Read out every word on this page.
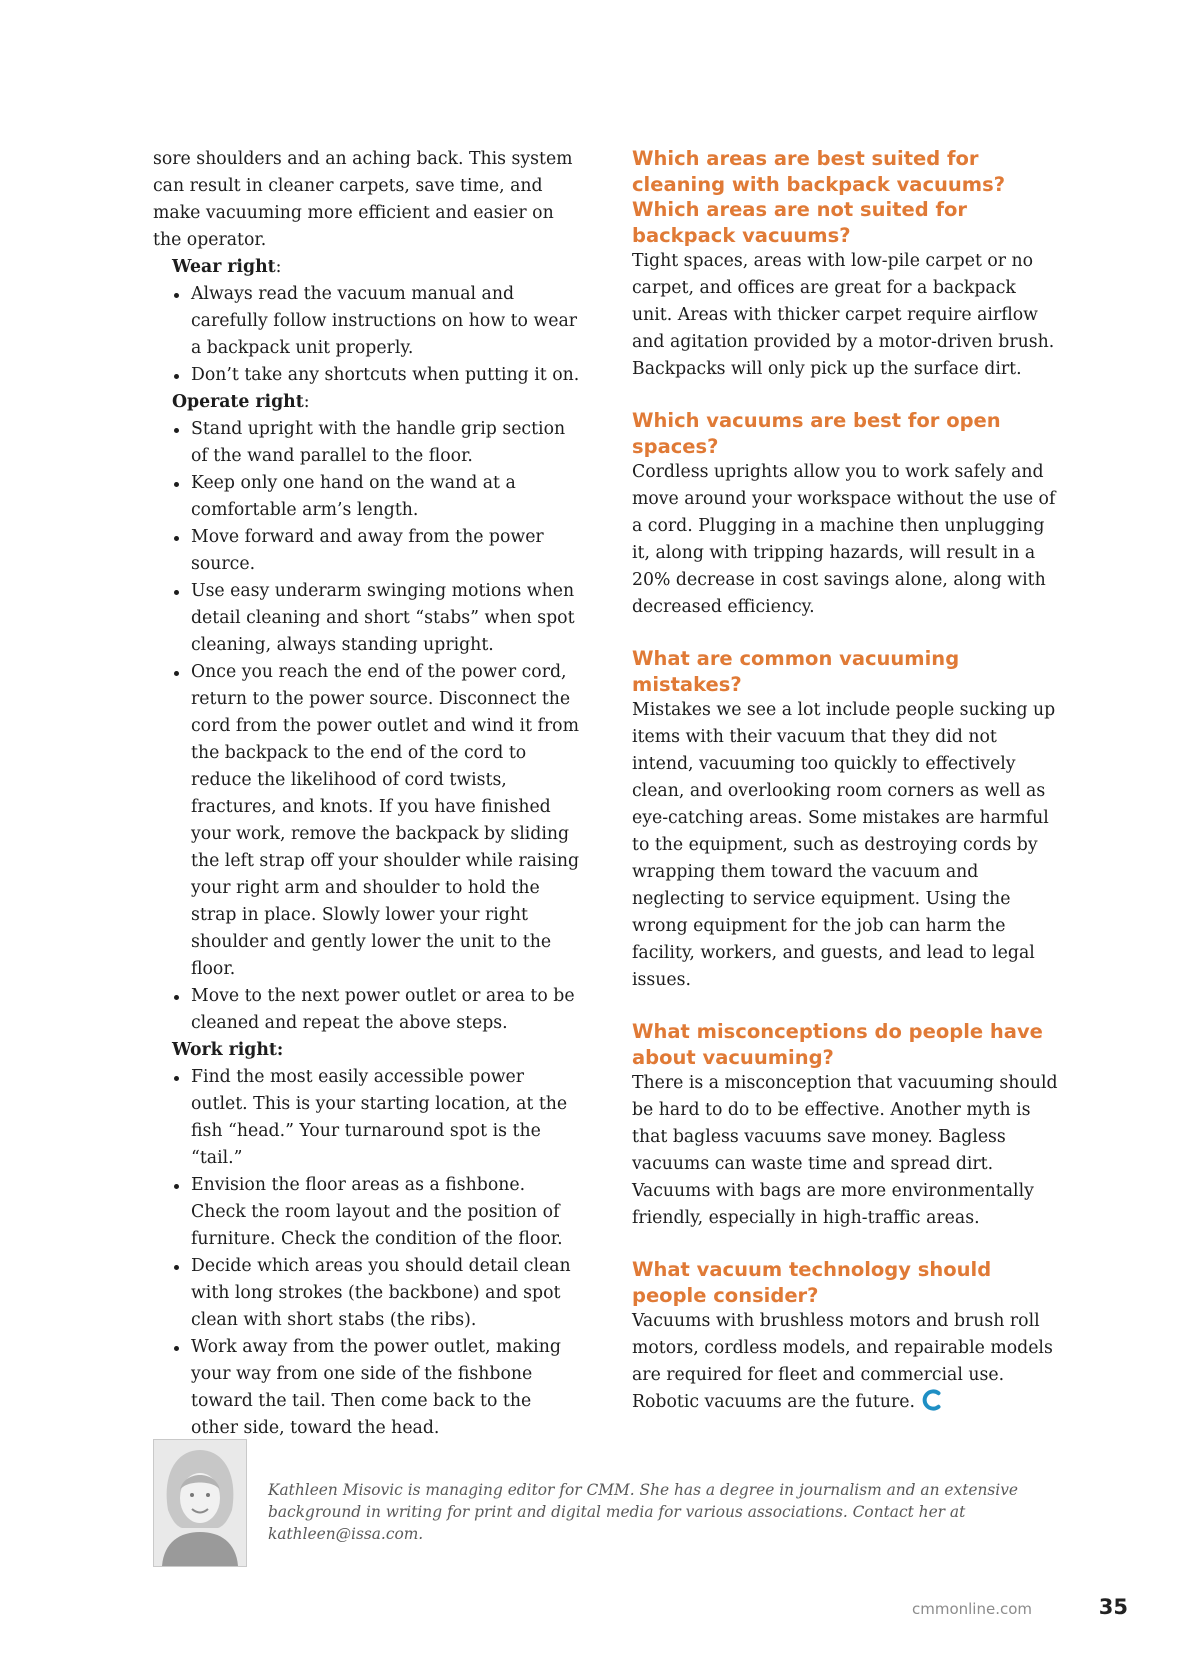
sore shoulders and an aching back. This system can result in cleaner carpets, save time, and make vacuuming more efficient and easier on the operator.

Wear right:
Always read the vacuum manual and carefully follow instructions on how to wear a backpack unit properly.
Don’t take any shortcuts when putting it on.
Operate right:
Stand upright with the handle grip section of the wand parallel to the floor.
Keep only one hand on the wand at a comfortable arm’s length.
Move forward and away from the power source.
Use easy underarm swinging motions when detail cleaning and short “stabs” when spot cleaning, always standing upright.
Once you reach the end of the power cord, return to the power source. Disconnect the cord from the power outlet and wind it from the backpack to the end of the cord to reduce the likelihood of cord twists, fractures, and knots. If you have finished your work, remove the backpack by sliding the left strap off your shoulder while raising your right arm and shoulder to hold the strap in place. Slowly lower your right shoulder and gently lower the unit to the floor.
Move to the next power outlet or area to be cleaned and repeat the above steps.
Work right:
Find the most easily accessible power outlet. This is your starting location, at the fish “head.” Your turnaround spot is the “tail.”
Envision the floor areas as a fishbone. Check the room layout and the position of furniture. Check the condition of the floor.
Decide which areas you should detail clean with long strokes (the backbone) and spot clean with short stabs (the ribs).
Work away from the power outlet, making your way from one side of the fishbone toward the tail. Then come back to the other side, toward the head.
Which areas are best suited for cleaning with backpack vacuums? Which areas are not suited for backpack vacuums?

Tight spaces, areas with low-pile carpet or no carpet, and offices are great for a backpack unit. Areas with thicker carpet require airflow and agitation provided by a motor-driven brush. Backpacks will only pick up the surface dirt.

Which vacuums are best for open spaces?

Cordless uprights allow you to work safely and move around your workspace without the use of a cord. Plugging in a machine then unplugging it, along with tripping hazards, will result in a 20% decrease in cost savings alone, along with decreased efficiency.

What are common vacuuming mistakes?

Mistakes we see a lot include people sucking up items with their vacuum that they did not intend, vacuuming too quickly to effectively clean, and overlooking room corners as well as eye-catching areas. Some mistakes are harmful to the equipment, such as destroying cords by wrapping them toward the vacuum and neglecting to service equipment. Using the wrong equipment for the job can harm the facility, workers, and guests, and lead to legal issues.

What misconceptions do people have about vacuuming?

There is a misconception that vacuuming should be hard to do to be effective. Another myth is that bagless vacuums save money. Bagless vacuums can waste time and spread dirt. Vacuums with bags are more environmentally friendly, especially in high-traffic areas.

What vacuum technology should people consider?

Vacuums with brushless motors and brush roll motors, cordless models, and repairable models are required for fleet and commercial use. Robotic vacuums are the future.

Kathleen Misovic is managing editor for CMM. She has a degree in journalism and an extensive background in writing for print and digital media for various associations. Contact her at kathleen@issa.com.
cmmonline.com	35
